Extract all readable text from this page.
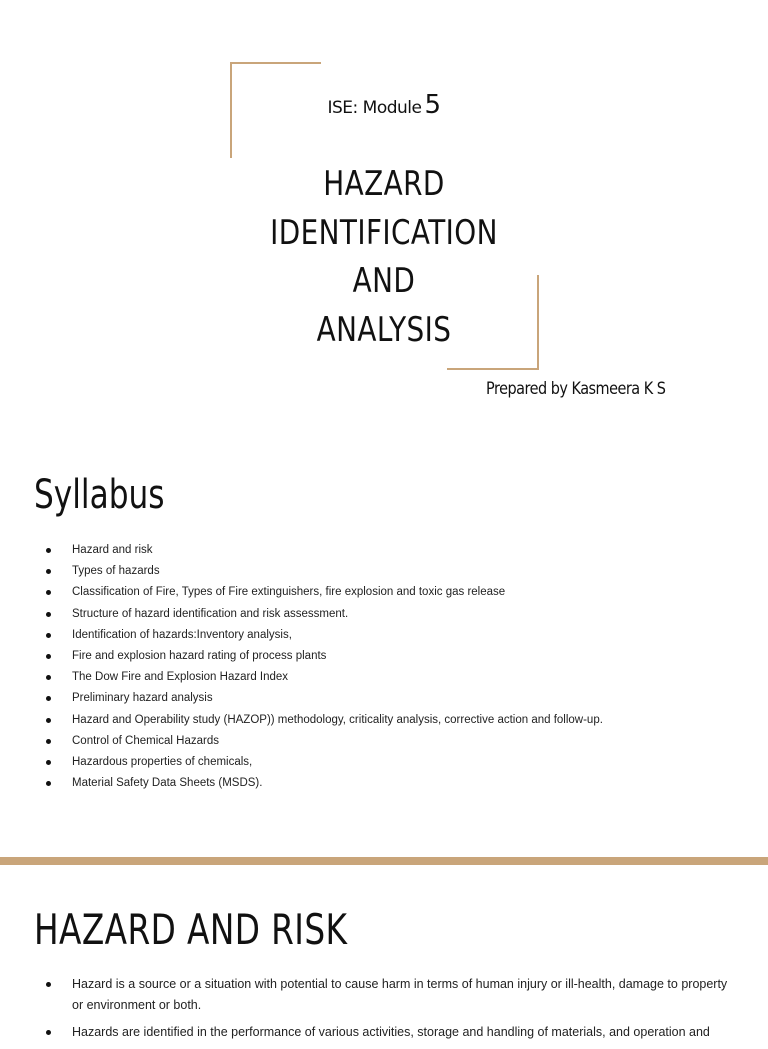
ISE: Module 5
HAZARD
IDENTIFICATION
AND
ANALYSIS
Prepared by Kasmeera K S
Syllabus
Hazard and risk
Types of hazards
Classification of Fire, Types of Fire extinguishers, fire explosion and toxic gas release
Structure of hazard identification and risk assessment.
Identification of hazards:Inventory analysis,
Fire and explosion hazard rating of process plants
The Dow Fire and Explosion Hazard Index
Preliminary hazard analysis
Hazard and Operability study (HAZOP)) methodology, criticality analysis, corrective action and follow-up.
Control of Chemical Hazards
Hazardous properties of chemicals,
Material Safety Data Sheets (MSDS).
HAZARD AND RISK
Hazard is a source or a situation with potential to cause harm in terms of human injury or ill-health, damage to property or environment or both.
Hazards are identified in the performance of various activities, storage and handling of materials, and operation and
